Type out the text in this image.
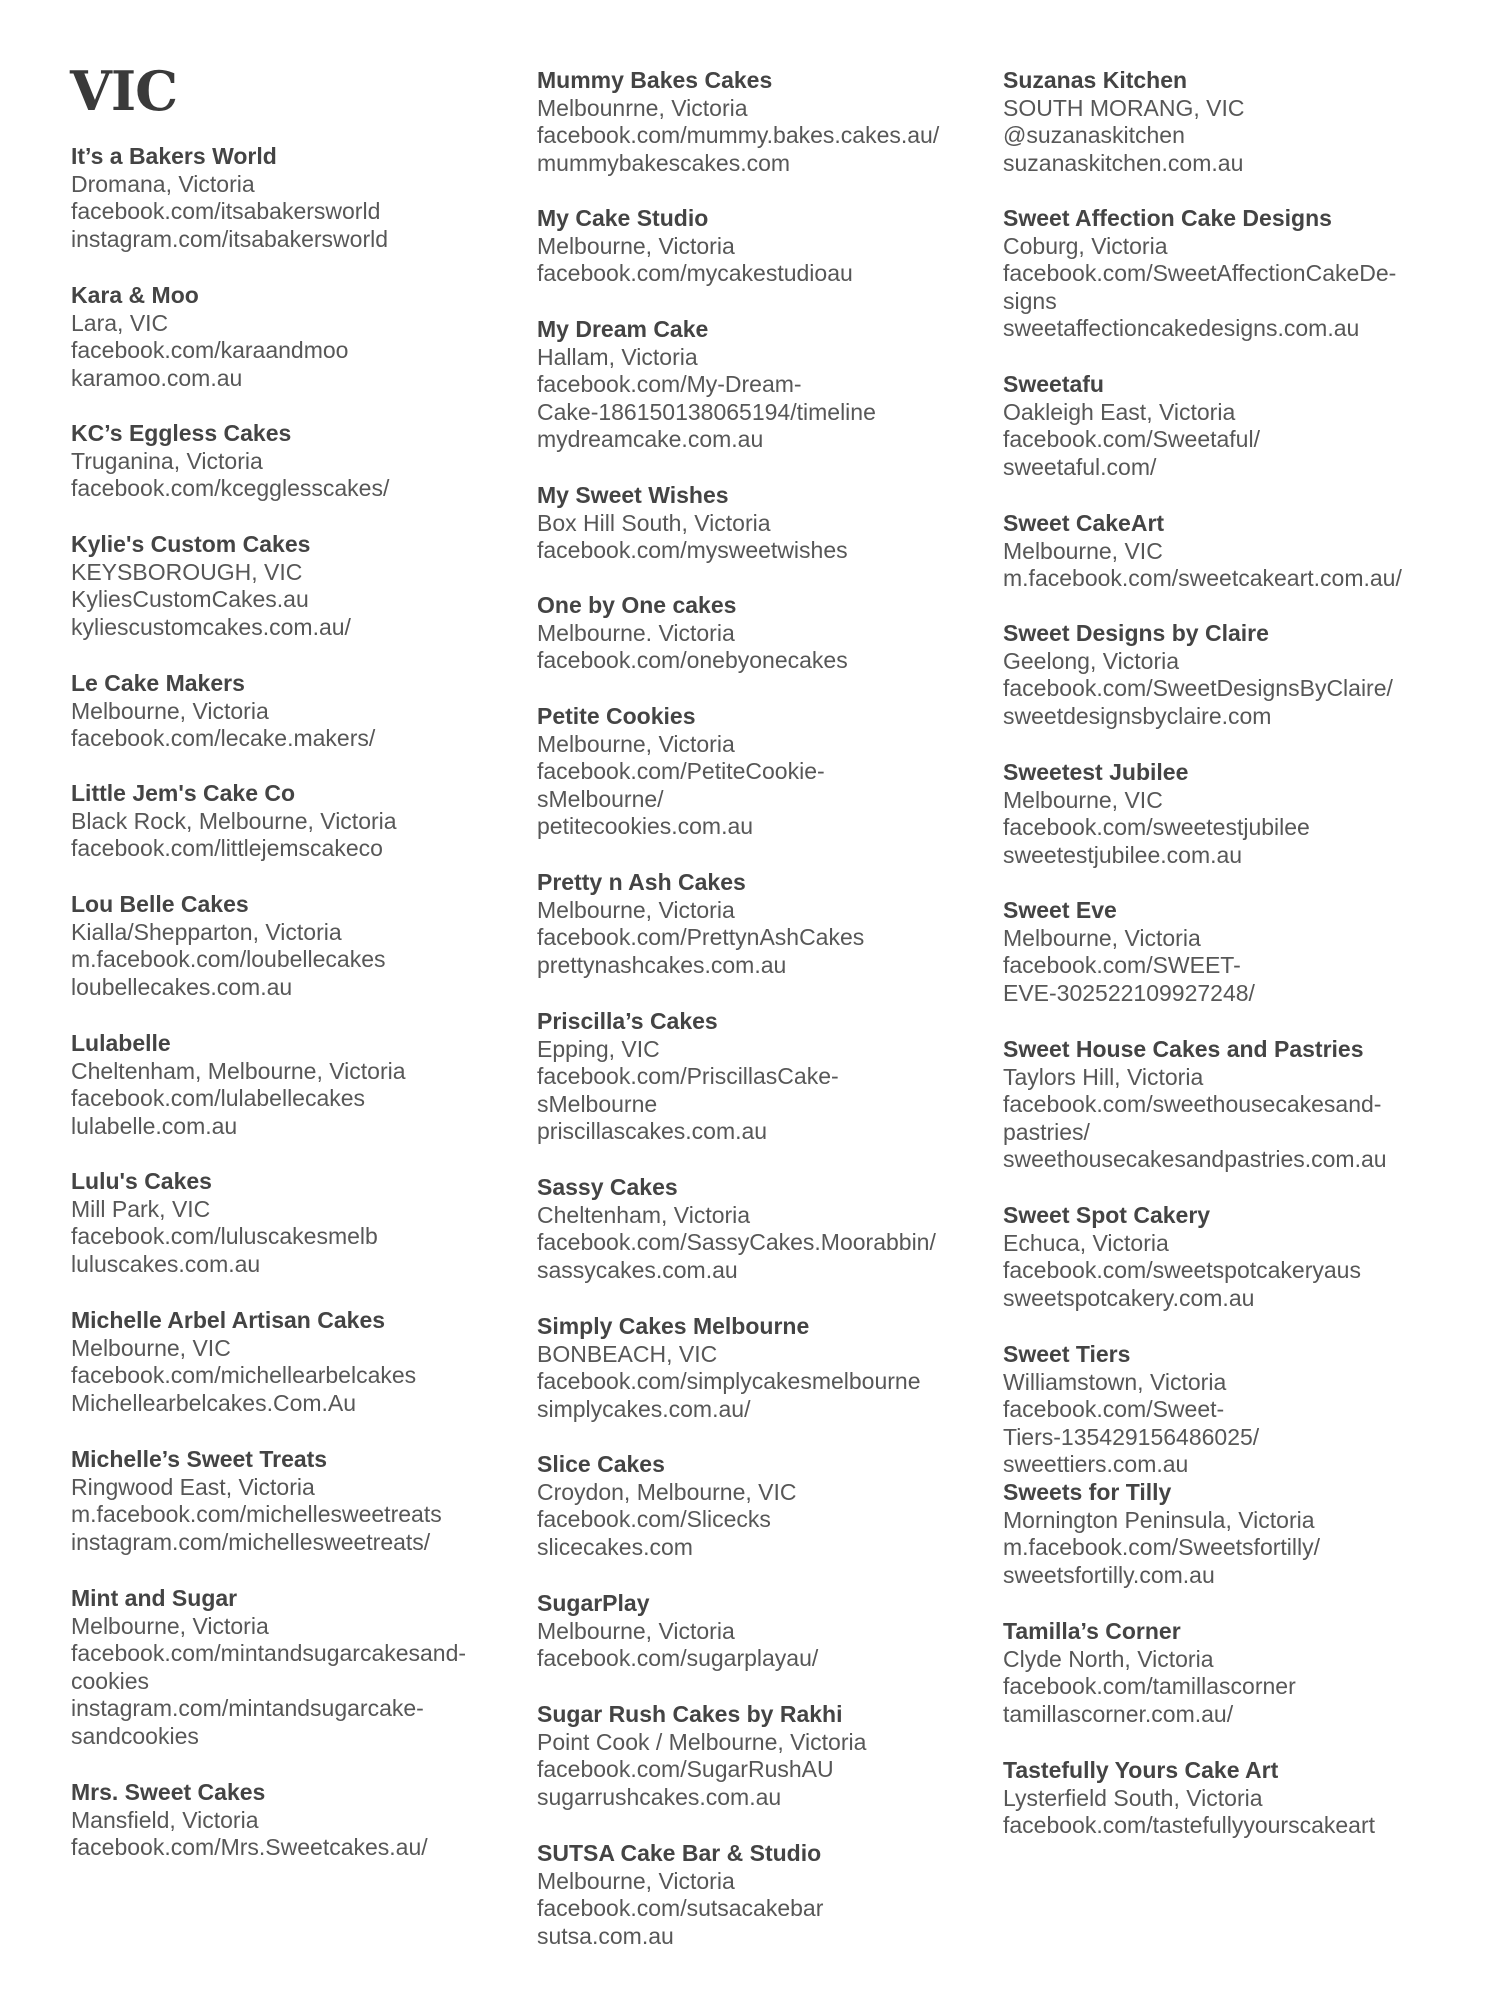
VIC
It’s a Bakers World
Dromana, Victoria
facebook.com/itsabakersworld
instagram.com/itsabakersworld
Kara & Moo
Lara, VIC
facebook.com/karaandmoo
karamoo.com.au
KC’s Eggless Cakes
Truganina, Victoria
facebook.com/kcegglesscakes/
Kylie's Custom Cakes
KEYSBOROUGH, VIC
KyliesCustomCakes.au
kyliescustomcakes.com.au/
Le Cake Makers
Melbourne, Victoria
facebook.com/lecake.makers/
Little Jem's Cake Co
Black Rock, Melbourne, Victoria
facebook.com/littlejemscakeco
Lou Belle Cakes
Kialla/Shepparton, Victoria
m.facebook.com/loubellecakes
loubellecakes.com.au
Lulabelle
Cheltenham, Melbourne, Victoria
facebook.com/lulabellecakes
lulabelle.com.au
Lulu's Cakes
Mill Park, VIC
facebook.com/luluscakesmelb
luluscakes.com.au
Michelle Arbel Artisan Cakes
Melbourne, VIC
facebook.com/michellearbelcakes
Michellearbelcakes.Com.Au
Michelle’s Sweet Treats
Ringwood East, Victoria
m.facebook.com/michellesweetreats
instagram.com/michellesweetreats/
Mint and Sugar
Melbourne, Victoria
facebook.com/mintandsugarcakesand-
cookies
instagram.com/mintandsugarcake-
sandcookies
Mrs. Sweet Cakes
Mansfield, Victoria
facebook.com/Mrs.Sweetcakes.au/
Mummy Bakes Cakes
Melbounrne, Victoria
facebook.com/mummy.bakes.cakes.au/
mummybakescakes.com
My Cake Studio
Melbourne, Victoria
facebook.com/mycakestudioau
My Dream Cake
Hallam, Victoria
facebook.com/My-Dream-
Cake-186150138065194/timeline
mydreamcake.com.au
My Sweet Wishes
Box Hill South, Victoria
facebook.com/mysweetwishes
One by One cakes
Melbourne. Victoria
facebook.com/onebyonecakes
Petite Cookies
Melbourne, Victoria
facebook.com/PetiteCookie-
sMelbourne/
petitecookies.com.au
Pretty n Ash Cakes
Melbourne, Victoria
facebook.com/PrettynAshCakes
prettynashcakes.com.au
Priscilla’s Cakes
Epping, VIC
facebook.com/PriscillasCake-
sMelbourne
priscillascakes.com.au
Sassy Cakes
Cheltenham, Victoria
facebook.com/SassyCakes.Moorabbin/
sassycakes.com.au
Simply Cakes Melbourne
BONBEACH, VIC
facebook.com/simplycakesmelbourne
simplycakes.com.au/
Slice Cakes
Croydon, Melbourne, VIC
facebook.com/Slicecks
slicecakes.com
SugarPlay
Melbourne, Victoria
facebook.com/sugarplayau/
Sugar Rush Cakes by Rakhi
Point Cook / Melbourne, Victoria
facebook.com/SugarRushAU
sugarrushcakes.com.au
SUTSA Cake Bar & Studio
Melbourne, Victoria
facebook.com/sutsacakebar
sutsa.com.au
Suzanas Kitchen
SOUTH MORANG, VIC
@suzanaskitchen
suzanaskitchen.com.au
Sweet Affection Cake Designs
Coburg, Victoria
facebook.com/SweetAffectionCakeDe-
signs
sweetaffectioncakedesigns.com.au
Sweetafu
Oakleigh East, Victoria
facebook.com/Sweetaful/
sweetaful.com/
Sweet CakeArt
Melbourne, VIC
m.facebook.com/sweetcakeart.com.au/
Sweet Designs by Claire
Geelong, Victoria
facebook.com/SweetDesignsByClaire/
sweetdesignsbyclaire.com
Sweetest Jubilee
Melbourne, VIC
facebook.com/sweetestjubilee
sweetestjubilee.com.au
Sweet Eve
Melbourne, Victoria
facebook.com/SWEET-
EVE-302522109927248/
Sweet House Cakes and Pastries
Taylors Hill, Victoria
facebook.com/sweethousecakesand-
pastries/
sweethousecakesandpastries.com.au
Sweet Spot Cakery
Echuca, Victoria
facebook.com/sweetspotcakeryaus
sweetspotcakery.com.au
Sweet Tiers
Williamstown, Victoria
facebook.com/Sweet-
Tiers-135429156486025/
sweettiers.com.au
Sweets for Tilly
Mornington Peninsula, Victoria
m.facebook.com/Sweetsfortilly/
sweetsfortilly.com.au
Tamilla’s Corner
Clyde North, Victoria
facebook.com/tamillascorner
tamillascorner.com.au/
Tastefully Yours Cake Art
Lysterfield South, Victoria
facebook.com/tastefullyyourscakeart
